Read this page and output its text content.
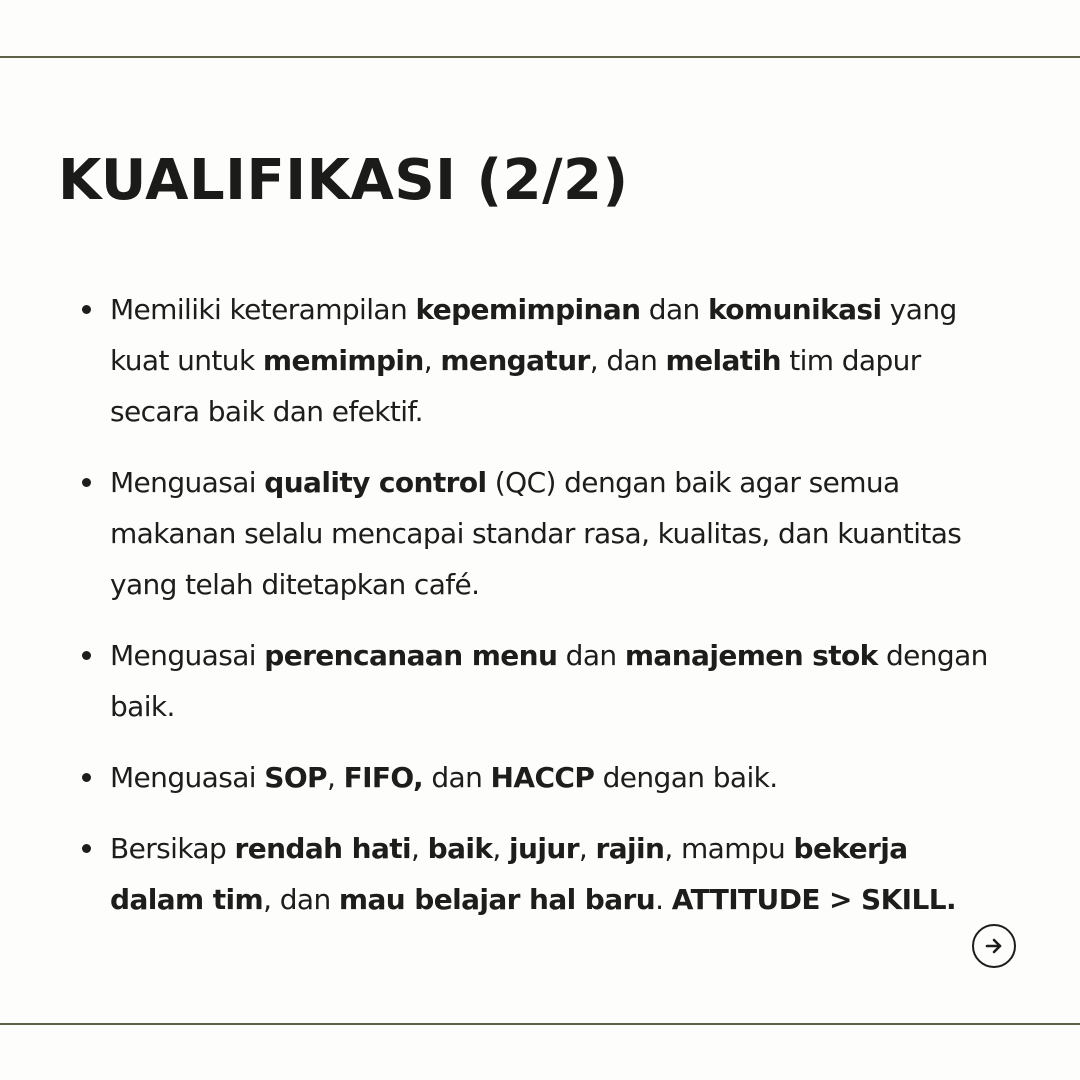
KUALIFIKASI (2/2)
Memiliki keterampilan kepemimpinan dan komunikasi yang kuat untuk memimpin, mengatur, dan melatih tim dapur secara baik dan efektif.
Menguasai quality control (QC) dengan baik agar semua makanan selalu mencapai standar rasa, kualitas, dan kuantitas yang telah ditetapkan café.
Menguasai perencanaan menu dan manajemen stok dengan baik.
Menguasai SOP, FIFO, dan HACCP dengan baik.
Bersikap rendah hati, baik, jujur, rajin, mampu bekerja dalam tim, dan mau belajar hal baru. ATTITUDE > SKILL.
